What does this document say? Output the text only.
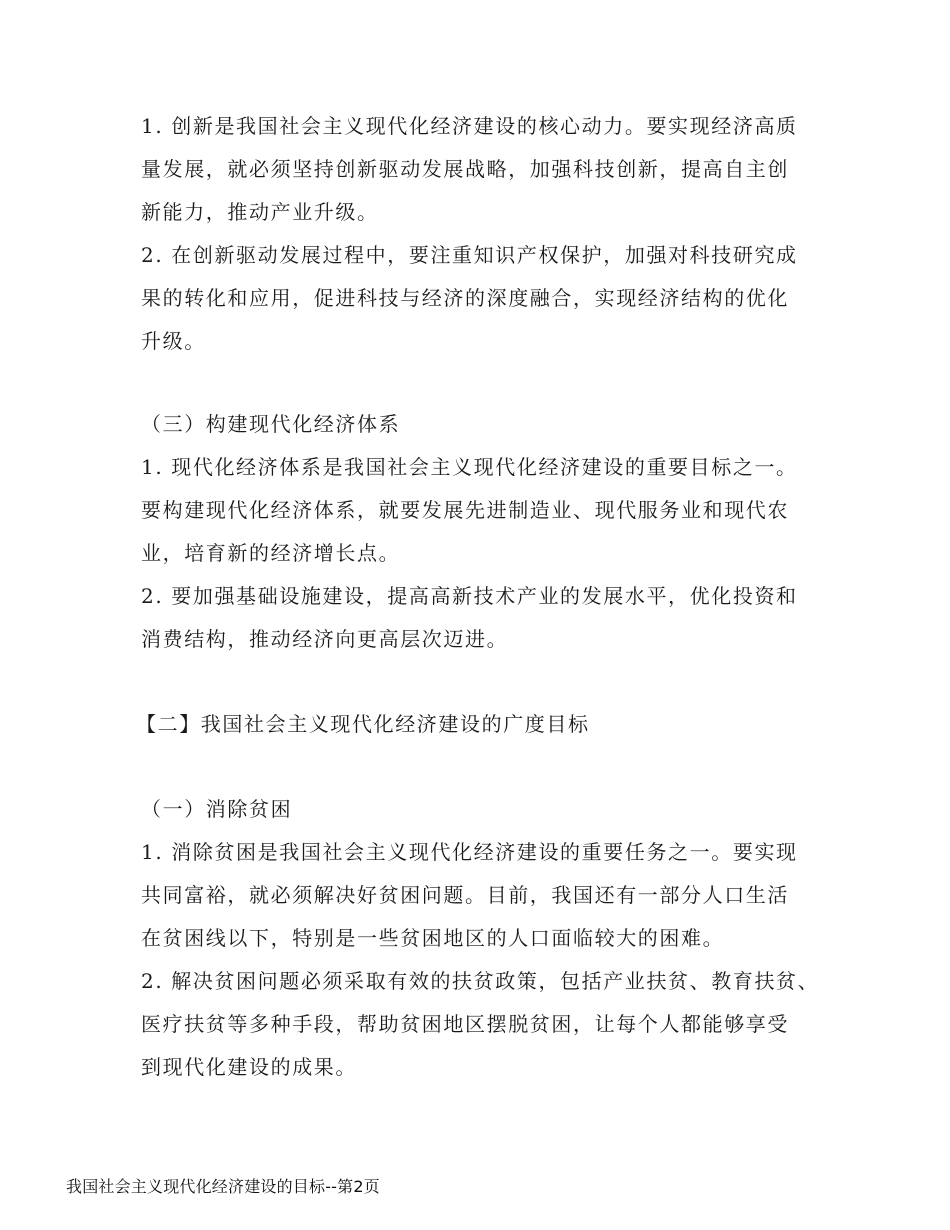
1. 创新是我国社会主义现代化经济建设的核心动力。要实现经济高质
量发展，就必须坚持创新驱动发展战略，加强科技创新，提高自主创
新能力，推动产业升级。
2. 在创新驱动发展过程中，要注重知识产权保护，加强对科技研究成
果的转化和应用，促进科技与经济的深度融合，实现经济结构的优化
升级。
（三）构建现代化经济体系
1. 现代化经济体系是我国社会主义现代化经济建设的重要目标之一。
要构建现代化经济体系，就要发展先进制造业、现代服务业和现代农
业，培育新的经济增长点。
2. 要加强基础设施建设，提高高新技术产业的发展水平，优化投资和
消费结构，推动经济向更高层次迈进。
【二】我国社会主义现代化经济建设的广度目标
（一）消除贫困
1. 消除贫困是我国社会主义现代化经济建设的重要任务之一。要实现
共同富裕，就必须解决好贫困问题。目前，我国还有一部分人口生活
在贫困线以下，特别是一些贫困地区的人口面临较大的困难。
2. 解决贫困问题必须采取有效的扶贫政策，包括产业扶贫、教育扶贫、
医疗扶贫等多种手段，帮助贫困地区摆脱贫困，让每个人都能够享受
到现代化建设的成果。
我国社会主义现代化经济建设的目标--第2页
